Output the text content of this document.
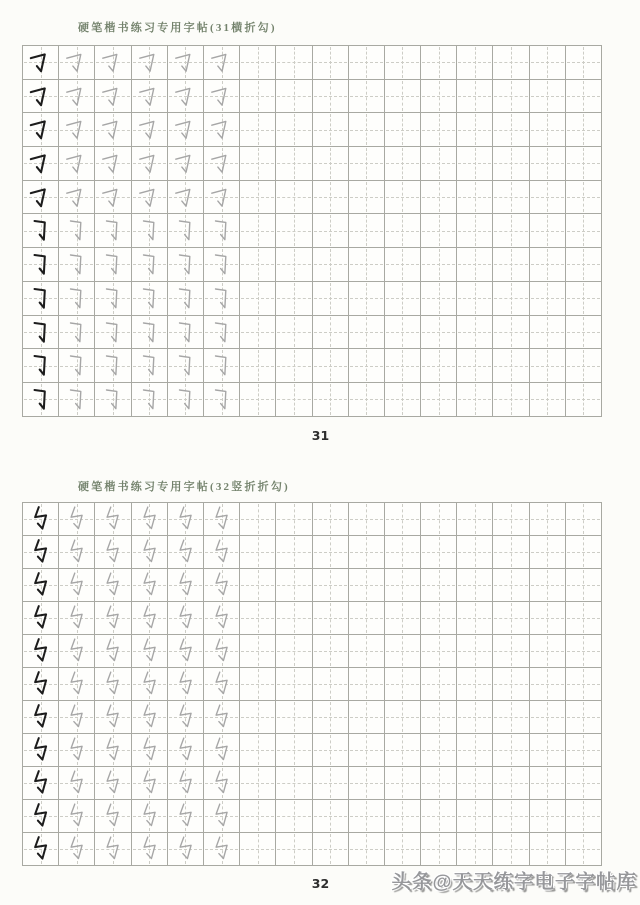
硬笔楷书练习专用字帖(31横折勾)
31
硬笔楷书练习专用字帖(32竖折折勾)
32	头条@天天练字电子字帖库
